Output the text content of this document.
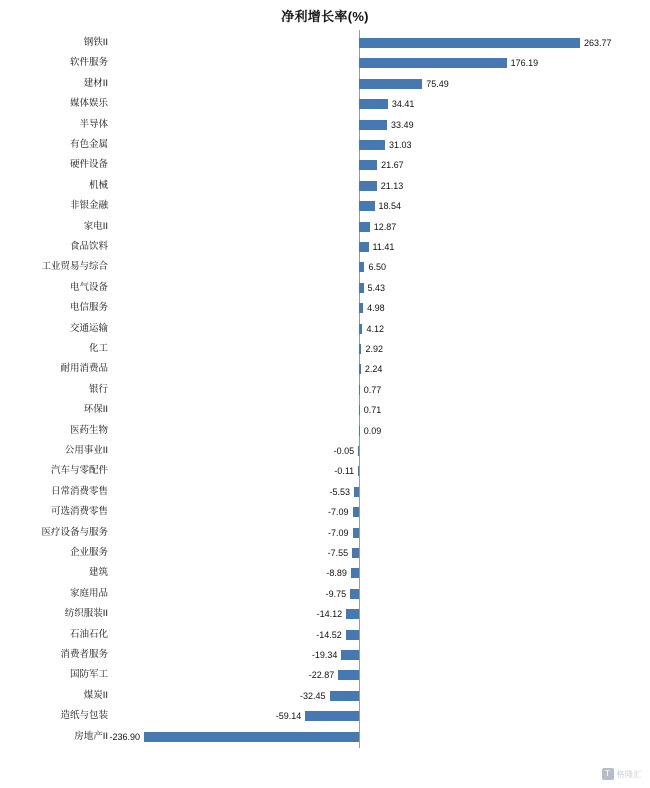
净利增长率(%)
钢铁II	263.77
软件服务	176.19
建材II	75.49
媒体娱乐	34.41
半导体	33.49
有色金属	31.03
硬件设备	21.67
机械	21.13
非银金融	18.54
家电II	12.87
食品饮料	11.41
工业贸易与综合	6.50
电气设备	5.43
电信服务	4.98
交通运输	4.12
化工	2.92
耐用消费品	2.24
银行	0.77
环保II	0.71
医药生物	0.09
公用事业II	-0.05
汽车与零配件	-0.11
日常消费零售	-5.53
可选消费零售	-7.09
医疗设备与服务	-7.09
企业服务	-7.55
建筑	-8.89
家庭用品	-9.75
纺织服装II	-14.12
石油石化	-14.52
消费者服务	-19.34
国防军工	-22.87
煤炭II	-32.45
造纸与包装	-59.14
房地产II -236.90
T 格隆汇
